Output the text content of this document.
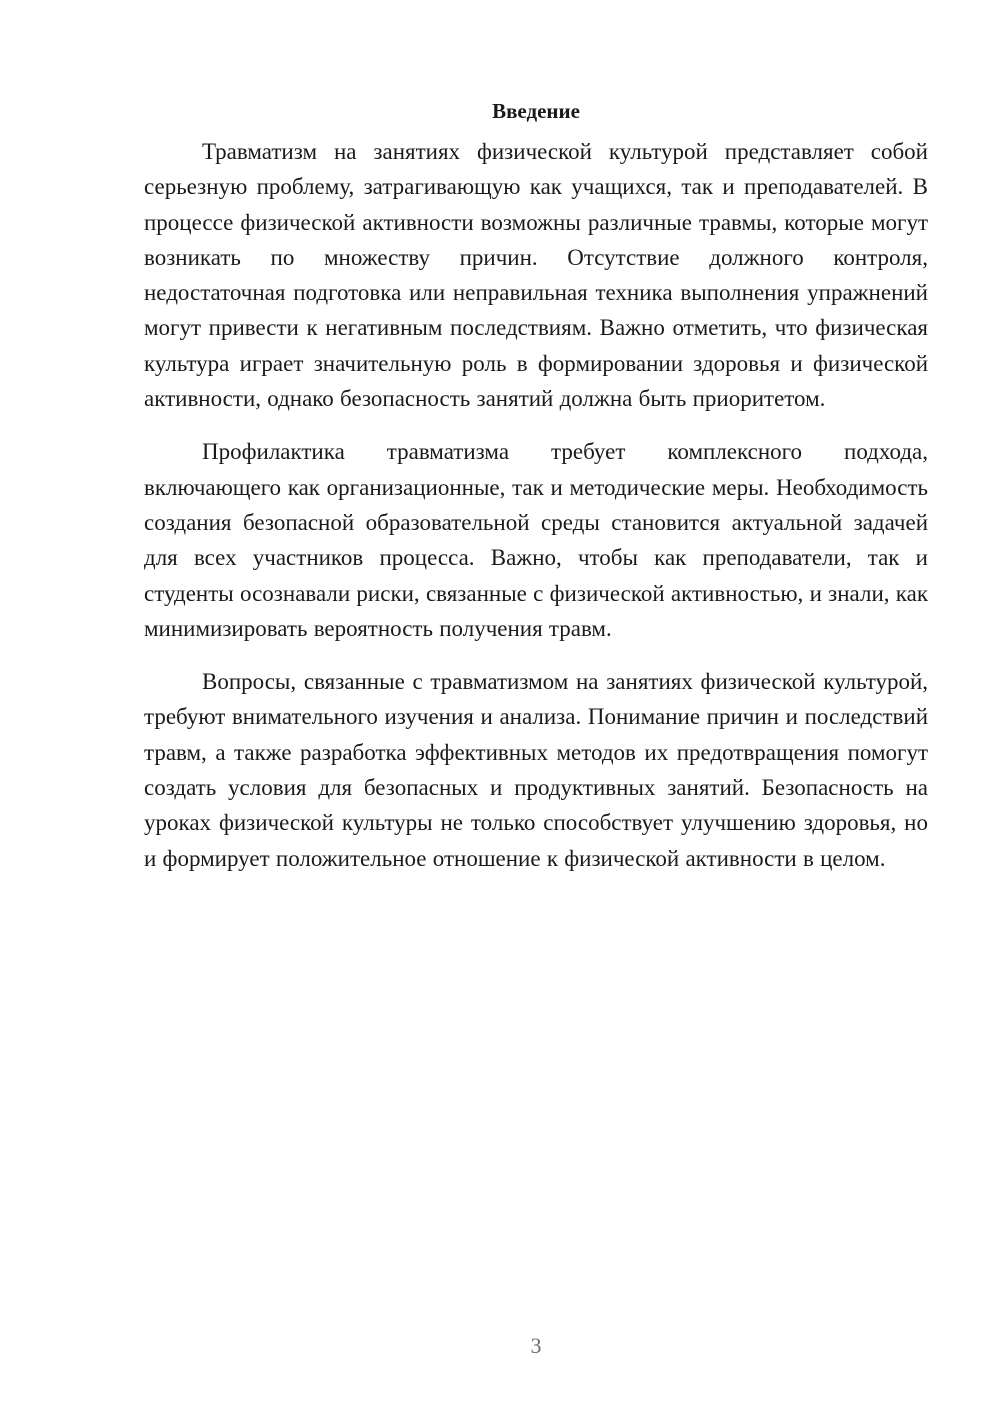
Введение

Травматизм на занятиях физической культурой представляет собой серьезную проблему, затрагивающую как учащихся, так и преподавателей. В процессе физической активности возможны различные травмы, которые могут возникать по множеству причин. Отсутствие должного контроля, недостаточная подготовка или неправильная техника выполнения упражнений могут привести к негативным последствиям. Важно отметить, что физическая культура играет значительную роль в формировании здоровья и физической активности, однако безопасность занятий должна быть приоритетом.

Профилактика травматизма требует комплексного подхода, включающего как организационные, так и методические меры. Необходимость создания безопасной образовательной среды становится актуальной задачей для всех участников процесса. Важно, чтобы как преподаватели, так и студенты осознавали риски, связанные с физической активностью, и знали, как минимизировать вероятность получения травм.

Вопросы, связанные с травматизмом на занятиях физической культурой, требуют внимательного изучения и анализа. Понимание причин и последствий травм, а также разработка эффективных методов их предотвращения помогут создать условия для безопасных и продуктивных занятий. Безопасность на уроках физической культуры не только способствует улучшению здоровья, но и формирует положительное отношение к физической активности в целом.

3
